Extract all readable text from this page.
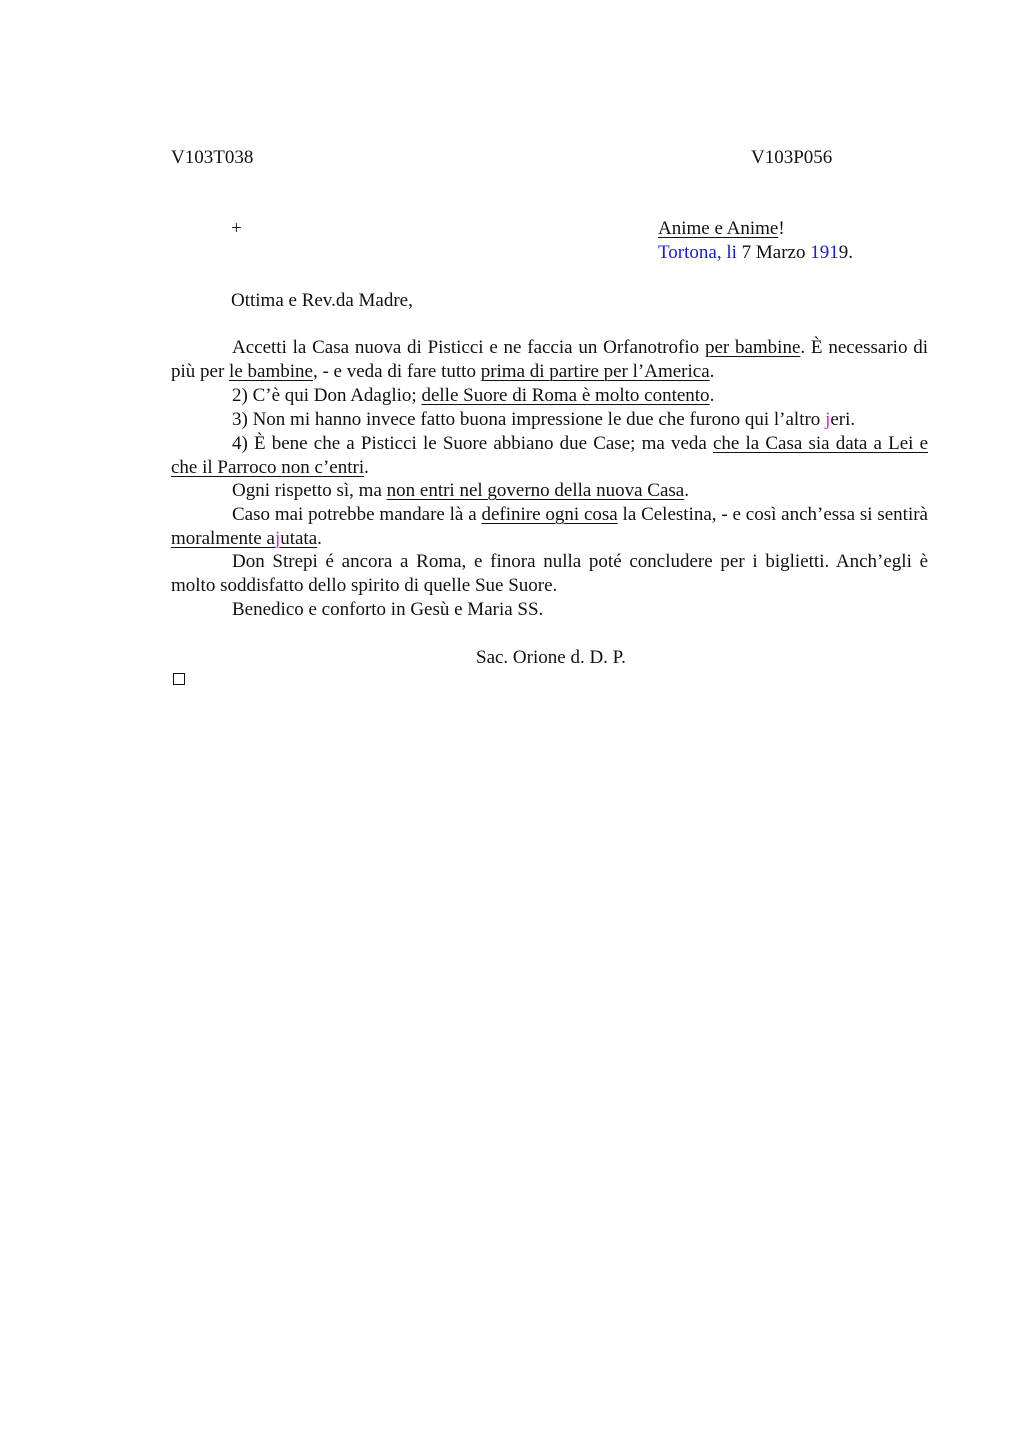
V103T038	V103P056
+	Anime e Anime!
Tortona, li 7 Marzo 1919.
Ottima e Rev.da Madre,
Accetti la Casa nuova di Pisticci e ne faccia un Orfanotrofio per bambine. È necessario di più per le bambine, - e veda di fare tutto prima di partire per l’America.
2) C’è qui Don Adaglio; delle Suore di Roma è molto contento.
3) Non mi hanno invece fatto buona impressione le due che furono qui l’altro jeri.
4) È bene che a Pisticci le Suore abbiano due Case; ma veda che la Casa sia data a Lei e che il Parroco non c’entri.
Ogni rispetto sì, ma non entri nel governo della nuova Casa.
Caso mai potrebbe mandare là a definire ogni cosa la Celestina, - e così anch’essa si sentirà moralmente ajutata.
Don Strepi é ancora a Roma, e finora nulla poté concludere per i biglietti. Anch’egli è molto soddisfatto dello spirito di quelle Sue Suore.
Benedico e conforto in Gesù e Maria SS.
Sac. Orione d. D. P.
